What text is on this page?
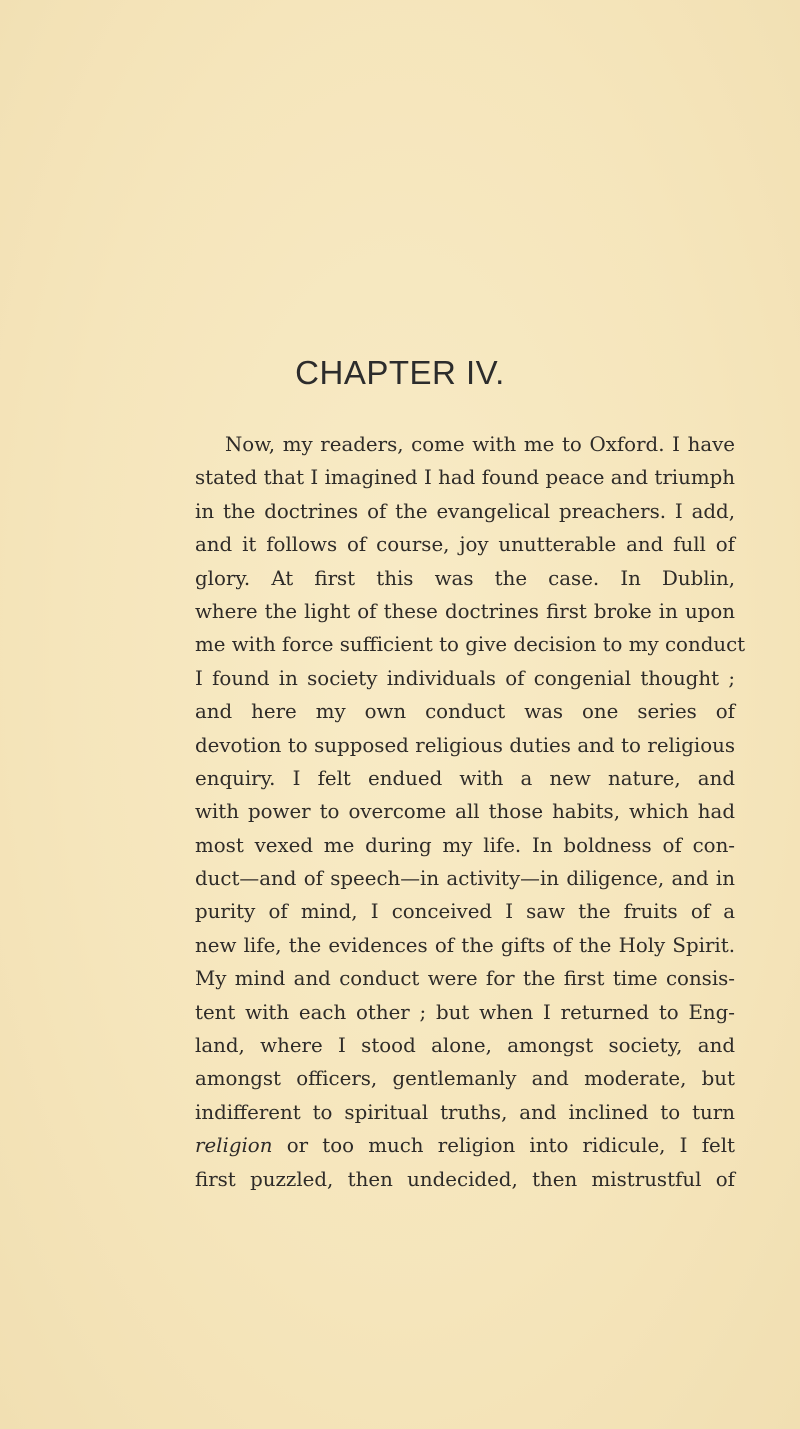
CHAPTER IV.
Now, my readers, come with me to Oxford. I have
stated that I imagined I had found peace and triumph
in the doctrines of the evangelical preachers. I add,
and it follows of course, joy unutterable and full of
glory. At first this was the case. In Dublin,
where the light of these doctrines first broke in upon
me with force sufficient to give decision to my conduct
I found in society individuals of congenial thought ;
and here my own conduct was one series of
devotion to supposed religious duties and to religious
enquiry. I felt endued with a new nature, and
with power to overcome all those habits, which had
most vexed me during my life. In boldness of con-
duct—and of speech—in activity—in diligence, and in
purity of mind, I conceived I saw the fruits of a
new life, the evidences of the gifts of the Holy Spirit.
My mind and conduct were for the first time consis-
tent with each other ; but when I returned to Eng-
land, where I stood alone, amongst society, and
amongst officers, gentlemanly and moderate, but
indifferent to spiritual truths, and inclined to turn
religion or too much religion into ridicule, I felt
first puzzled, then undecided, then mistrustful of
